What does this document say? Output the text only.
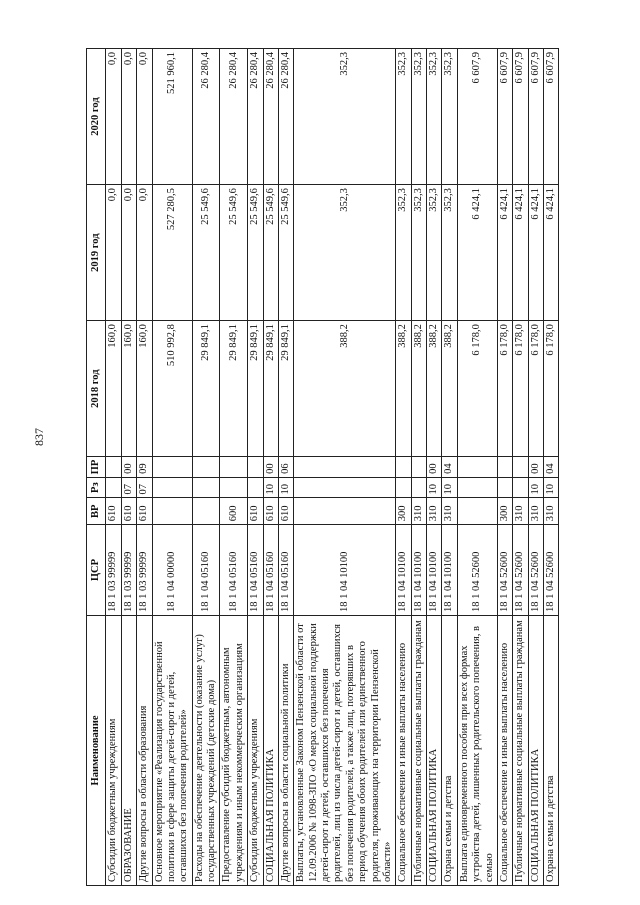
837
Наименование	ЦСР	ВР	Рз	ПР	2018 год	2019 год	2020 год
Субсидии бюджетным учреждениям	18 1 03 99999	610			160,0	0,0	0,0
ОБРАЗОВАНИЕ	18 1 03 99999	610	07	00	160,0	0,0	0,0
Другие вопросы в области образования	18 1 03 99999	610	07	09	160,0	0,0	0,0
Основное мероприятие «Реализация государственной политики в сфере защиты детей-сирот и детей, оставшихся без попечения родителей»	18 1 04 00000				510 992,8	527 280,5	521 960,1
Расходы на обеспечение деятельности (оказание услуг) государственных учреждений (детские дома)	18 1 04 05160				29 849,1	25 549,6	26 280,4
Предоставление субсидий бюджетным, автономным учреждениям и иным некоммерческим организациям	18 1 04 05160	600			29 849,1	25 549,6	26 280,4
Субсидии бюджетным учреждениям	18 1 04 05160	610			29 849,1	25 549,6	26 280,4
СОЦИАЛЬНАЯ ПОЛИТИКА	18 1 04 05160	610	10	00	29 849,1	25 549,6	26 280,4
Другие вопросы в области социальной политики	18 1 04 05160	610	10	06	29 849,1	25 549,6	26 280,4
Выплаты, установленные Законом Пензенской области от 12.09.2006 № 1098-ЗПО «О мерах социальной поддержки детей-сирот и детей, оставшихся без попечения родителей, лиц из числа детей-сирот и детей, оставшихся без попечения родителей, а также лиц, потерявших в период обучения обоих родителей или единственного родителя, проживающих на территории Пензенской области»	18 1 04 10100				388,2	352,3	352,3
Социальное обеспечение и иные выплаты населению	18 1 04 10100	300			388,2	352,3	352,3
Публичные нормативные социальные выплаты гражданам	18 1 04 10100	310			388,2	352,3	352,3
СОЦИАЛЬНАЯ ПОЛИТИКА	18 1 04 10100	310	10	00	388,2	352,3	352,3
Охрана семьи и детства	18 1 04 10100	310	10	04	388,2	352,3	352,3
Выплата единовременного пособия при всех формах устройства детей, лишенных родительского попечения, в семью	18 1 04 52600				6 178,0	6 424,1	6 607,9
Социальное обеспечение и иные выплаты населению	18 1 04 52600	300			6 178,0	6 424,1	6 607,9
Публичные нормативные социальные выплаты гражданам	18 1 04 52600	310			6 178,0	6 424,1	6 607,9
СОЦИАЛЬНАЯ ПОЛИТИКА	18 1 04 52600	310	10	00	6 178,0	6 424,1	6 607,9
Охрана семьи и детства	18 1 04 52600	310	10	04	6 178,0	6 424,1	6 607,9
